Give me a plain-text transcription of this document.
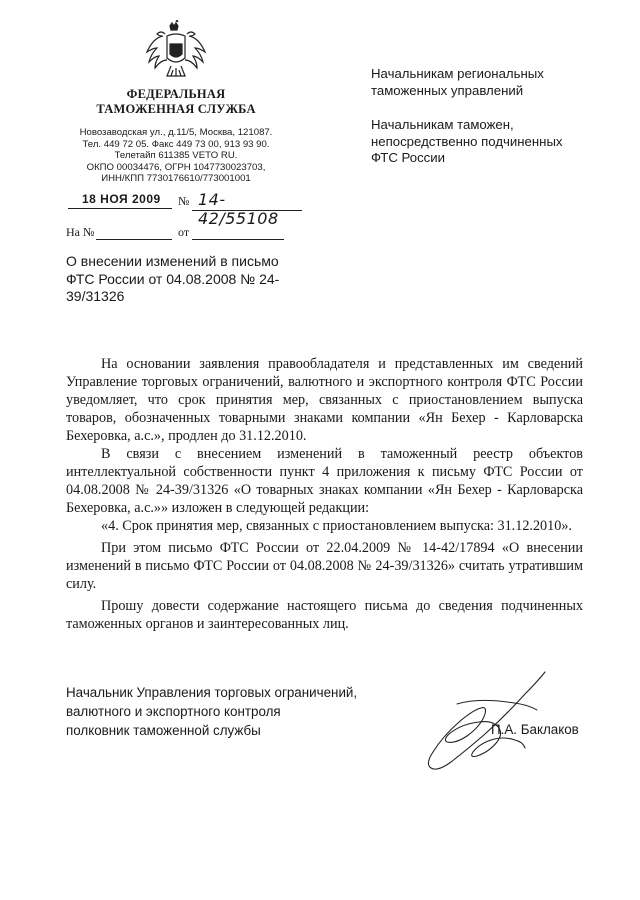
ФЕДЕРАЛЬНАЯ
ТАМОЖЕННАЯ СЛУЖБА
Новозаводская ул., д.11/5, Москва, 121087.
Тел. 449 72 05. Факс 449 73 00, 913 93 90.
Телетайп 611385 VETO RU.
ОКПО 00034476, ОГРН 1047730023703,
ИНН/КПП 7730176610/773001001
18 НОЯ 2009 № 14-42/55108
На №	от
О внесении изменений в письмо
ФТС России от 04.08.2008 № 24-
39/31326
Начальникам региональных
таможенных управлений
Начальникам таможен,
непосредственно подчиненных
ФТС России

На основании заявления правообладателя и представленных им сведений Управление торговых ограничений, валютного и экспортного контроля ФТС России уведомляет, что срок принятия мер, связанных с приостановлением выпуска товаров, обозначенных товарными знаками компании «Ян Бехер - Карловарска Бехеровка, а.с.», продлен до 31.12.2010.

В связи с внесением изменений в таможенный реестр объектов интеллектуальной собственности пункт 4 приложения к письму ФТС России от 04.08.2008 № 24-39/31326 «О товарных знаках компании «Ян Бехер - Карловарска Бехеровка, а.с.»» изложен в следующей редакции:

«4. Срок принятия мер, связанных с приостановлением выпуска: 31.12.2010».

При этом письмо ФТС России от 22.04.2009 № 14-42/17894 «О внесении изменений в письмо ФТС России от 04.08.2008 № 24-39/31326» считать утратившим силу.

Прошу довести содержание настоящего письма до сведения подчиненных таможенных органов и заинтересованных лиц.

Начальник Управления торговых ограничений,
валютного и экспортного контроля
полковник таможенной службы	П.А. Баклаков
